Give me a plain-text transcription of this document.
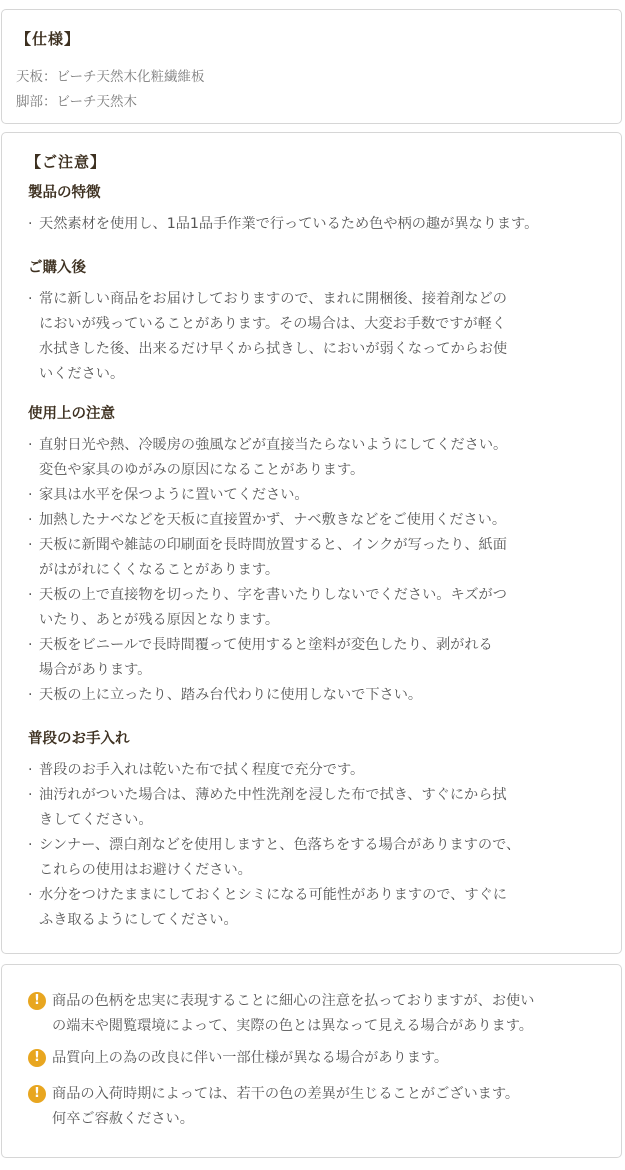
【仕様】
天板：ビーチ天然木化粧繊維板
脚部：ビーチ天然木
【ご注意】
製品の特徴
· 天然素材を使用し、1品1品手作業で行っているため色や柄の趣が異なります。
ご購入後
· 常に新しい商品をお届けしておりますので、まれに開梱後、接着剤などの
においが残っていることがあります。その場合は、大変お手数ですが軽く
水拭きした後、出来るだけ早くから拭きし、においが弱くなってからお使
いください。
使用上の注意
· 直射日光や熱、冷暖房の強風などが直接当たらないようにしてください。
変色や家具のゆがみの原因になることがあります。
· 家具は水平を保つように置いてください。
· 加熱したナベなどを天板に直接置かず、ナベ敷きなどをご使用ください。
· 天板に新聞や雑誌の印刷面を長時間放置すると、インクが写ったり、紙面
がはがれにくくなることがあります。
· 天板の上で直接物を切ったり、字を書いたりしないでください。キズがつ
いたり、あとが残る原因となります。
· 天板をビニールで長時間覆って使用すると塗料が変色したり、剥がれる
場合があります。
· 天板の上に立ったり、踏み台代わりに使用しないで下さい。
普段のお手入れ
· 普段のお手入れは乾いた布で拭く程度で充分です。
· 油汚れがついた場合は、薄めた中性洗剤を浸した布で拭き、すぐにから拭
きしてください。
· シンナー、漂白剤などを使用しますと、色落ちをする場合がありますので、
これらの使用はお避けください。
· 水分をつけたままにしておくとシミになる可能性がありますので、すぐに
ふき取るようにしてください。
! 商品の色柄を忠実に表現することに細心の注意を払っておりますが、お使い
の端末や閲覧環境によって、実際の色とは異なって見える場合があります。
! 品質向上の為の改良に伴い一部仕様が異なる場合があります。
! 商品の入荷時期によっては、若干の色の差異が生じることがございます。
何卒ご容赦ください。
